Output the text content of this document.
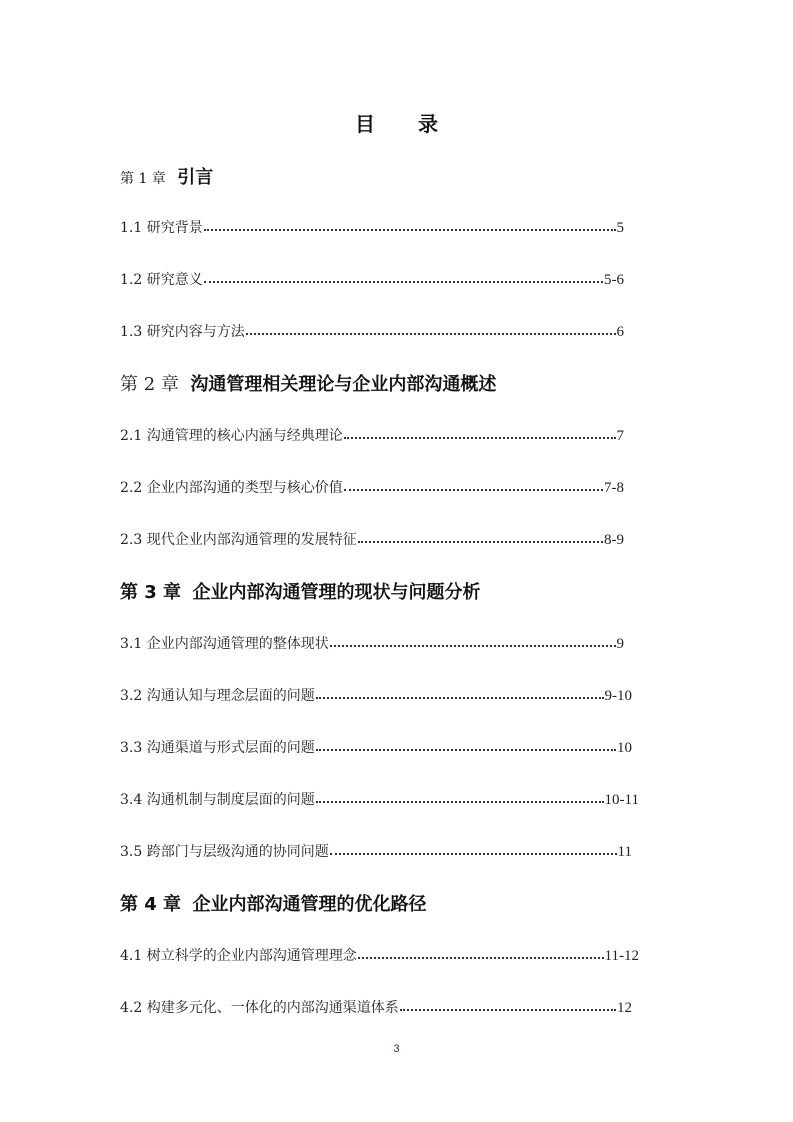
目 录
第 1 章 引言
1.1 研究背景	5
1.2 研究意义	5-6
1.3 研究内容与方法	6
第 2 章 沟通管理相关理论与企业内部沟通概述
2.1 沟通管理的核心内涵与经典理论	7
2.2 企业内部沟通的类型与核心价值	7-8
2.3 现代企业内部沟通管理的发展特征	8-9
第 3 章 企业内部沟通管理的现状与问题分析
3.1 企业内部沟通管理的整体现状	9
3.2 沟通认知与理念层面的问题	9-10
3.3 沟通渠道与形式层面的问题	10
3.4 沟通机制与制度层面的问题	10-11
3.5 跨部门与层级沟通的协同问题	11
第 4 章 企业内部沟通管理的优化路径
4.1 树立科学的企业内部沟通管理理念	11-12
4.2 构建多元化、一体化的内部沟通渠道体系	12
3
